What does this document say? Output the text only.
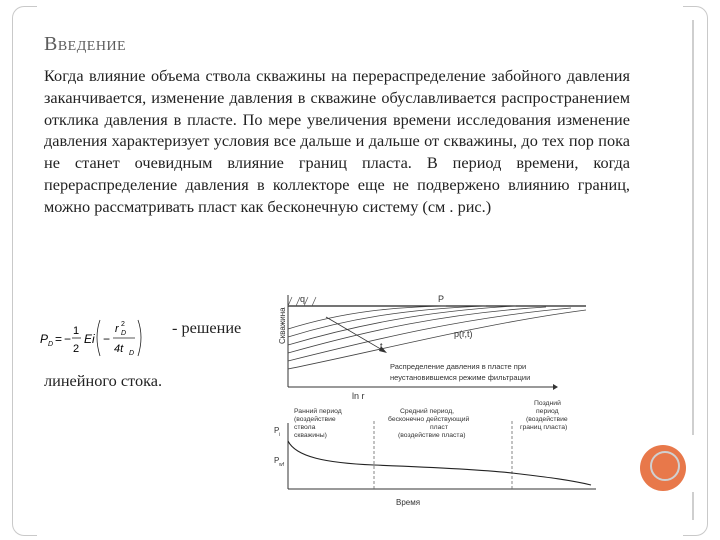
Введение

Когда влияние объема ствола скважины на перераспределение забойного давления заканчивается, изменение давления в скважине обуславливается распространением отклика давления в пласте. По мере увеличения времени исследования изменение давления характеризует условия все дальше и дальше от скважины, до тех пор пока не станет очевидным влияние границ пласта. В период времени, когда перераспределение давления в коллекторе еще не подвержено влиянию границ, можно рассматривать пласт как бесконечную систему (см . рис.)

P D = −
1
2
Ei −
r 2
D
4t D
- решение
линейного стока.
Скважина
q	P
p(r,t)
t
ln r
Распределение давления в пласте при
неустановившемся режиме фильтрации
P i
P wf
Ранний период
(воздействие
ствола
скважины)
Средний период,
бесконечно действующий
пласт
(воздействие пласта)
Поздний
период
(воздействие
границ пласта)
Время
